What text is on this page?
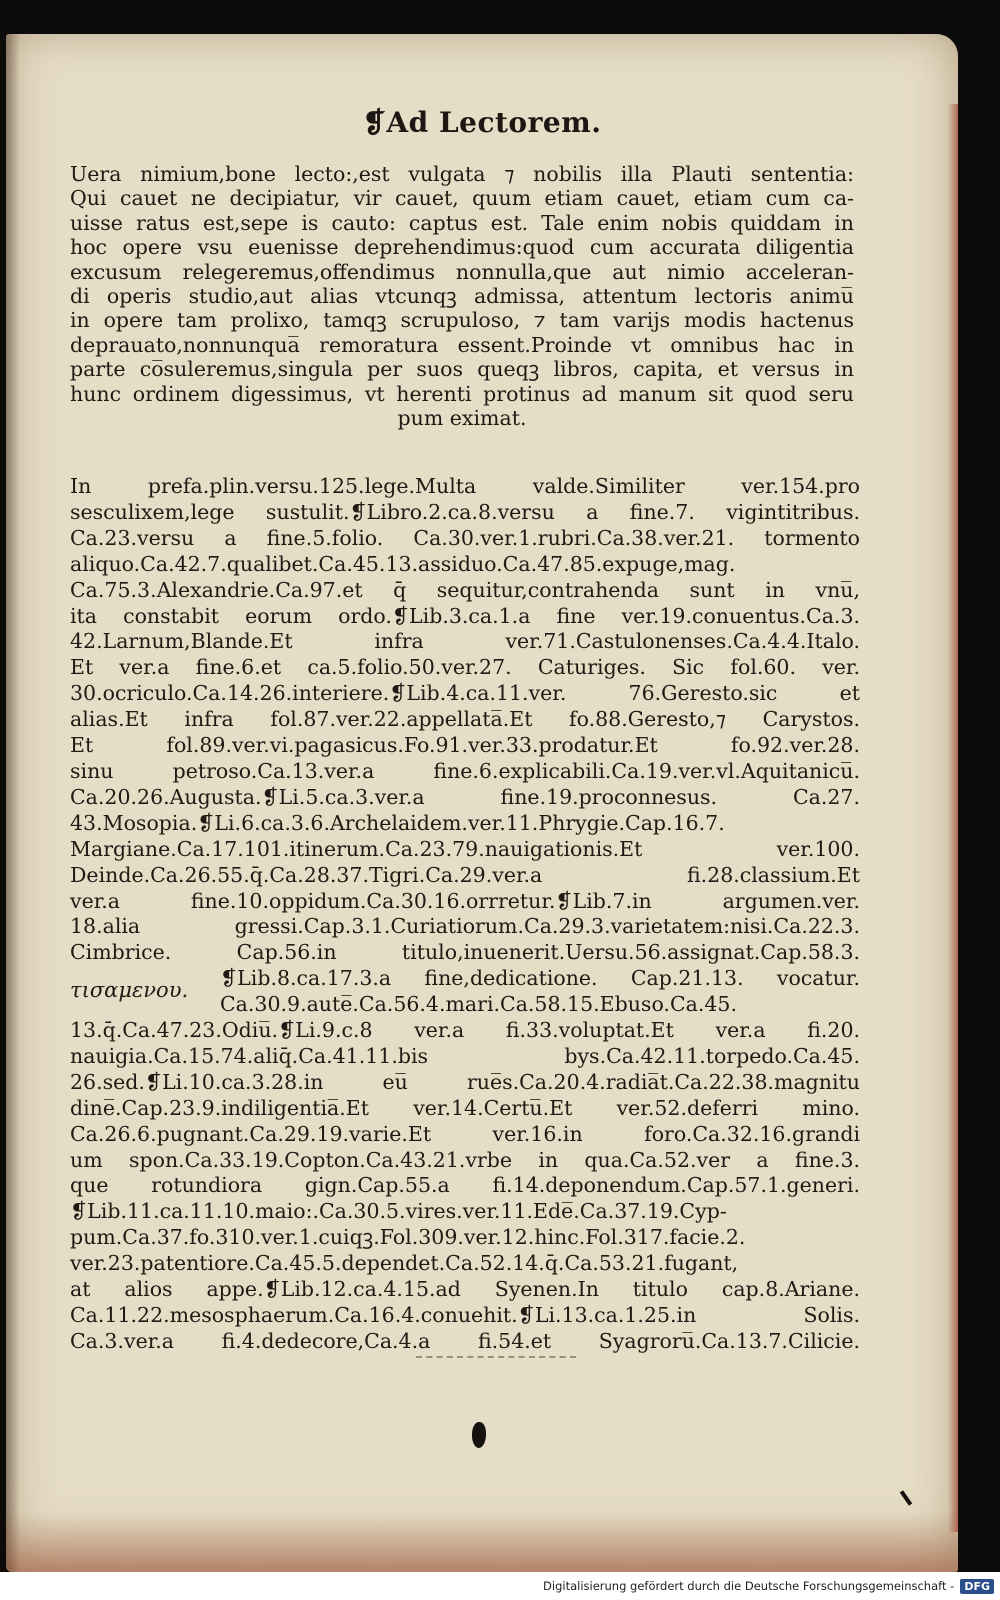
❡Ad Lectorem.
Uera nimium,bone lecto:,est vulgata ⁊ nobilis illa Plauti sententia:
Qui cauet ne decipiatur, vir cauet, quum etiam cauet, etiam cum ca-
uisse ratus est,sepe is cauto: captus est. Tale enim nobis quiddam in
hoc opere vsu euenisse deprehendimus:quod cum accurata diligentia
excusum relegeremus,offendimus nonnulla,que aut nimio acceleran-
di operis studio,aut alias vtcunqꝫ admissa, attentum lectoris animu̅
in opere tam prolixo, tamqꝫ scrupuloso, ⁊ tam varijs modis hactenus
deprauato,nonnunqua̅ remoratura essent.Proinde vt omnibus hac in
parte co̅suleremus,singula per suos queqꝫ libros, capita, et versus in
hunc ordinem digessimus, vt herenti protinus ad manum sit quod seru
pum eximat.
In prefa.plin.versu.125.lege.Multa valde.Similiter ver.154.pro
sesculixem,lege sustulit.❡Libro.2.ca.8.versu a fine.7. vigintitribus.
Ca.23.versu a fine.5.folio. Ca.30.ver.1.rubri.Ca.38.ver.21. tormento
aliquo.Ca.42.7.qualibet.Ca.45.13.assiduo.Ca.47.85.expuge,mag.
Ca.75.3.Alexandrie.Ca.97.et q̄ sequitur,contrahenda sunt in vnu̅,
ita constabit eorum ordo.❡Lib.3.ca.1.a fine ver.19.conuentus.Ca.3.
42.Larnum,Blande.Et infra ver.71.Castulonenses.Ca.4.4.Italo.
Et ver.a fine.6.et ca.5.folio.50.ver.27. Caturiges. Sic fol.60. ver.
30.ocriculo.Ca.14.26.interiere.❡Lib.4.ca.11.ver. 76.Geresto.sic et
alias.Et infra fol.87.ver.22.appellata̅.Et fo.88.Geresto,⁊ Carystos.
Et fol.89.ver.vi.pagasicus.Fo.91.ver.33.prodatur.Et fo.92.ver.28.
sinu petroso.Ca.13.ver.a fine.6.explicabili.Ca.19.ver.vl.Aquitanicu̅.
Ca.20.26.Augusta.❡Li.5.ca.3.ver.a fine.19.proconnesus. Ca.27.
43.Mosopia.❡Li.6.ca.3.6.Archelaidem.ver.11.Phrygie.Cap.16.7.
Margiane.Ca.17.101.itinerum.Ca.23.79.nauigationis.Et ver.100.
Deinde.Ca.26.55.q̄.Ca.28.37.Tigri.Ca.29.ver.a fi.28.classium.Et
ver.a fine.10.oppidum.Ca.30.16.orrretur.❡Lib.7.in argumen.ver.
18.alia gressi.Cap.3.1.Curiatiorum.Ca.29.3.varietatem:nisi.Ca.22.3.
Cimbrice. Cap.56.in titulo,inuenerit.Uersu.56.assignat.Cap.58.3.
τισαμενου.	❡Lib.8.ca.17.3.a fine,dedicatione. Cap.21.13. vocatur.
Ca.30.9.aute̅.Ca.56.4.mari.Ca.58.15.Ebuso.Ca.45.
13.q̄.Ca.47.23.Odiu̅.❡Li.9.c.8 ver.a fi.33.voluptat.Et ver.a fi.20.
nauigia.Ca.15.74.aliq̄.Ca.41.11.bis bys.Ca.42.11.torpedo.Ca.45.
26.sed.❡Li.10.ca.3.28.in eu̅ rue̅s.Ca.20.4.radia̅t.Ca.22.38.magnitu
dine̅.Cap.23.9.indiligentia̅.Et ver.14.Certu̅.Et ver.52.deferri mino.
Ca.26.6.pugnant.Ca.29.19.varie.Et ver.16.in foro.Ca.32.16.grandi
um spon.Ca.33.19.Copton.Ca.43.21.vrbe in qua.Ca.52.ver a fine.3.
que rotundiora gign.Cap.55.a fi.14.deponendum.Cap.57.1.generi.
❡Lib.11.ca.11.10.maio:.Ca.30.5.vires.ver.11.Ede̅.Ca.37.19.Cyp-
pum.Ca.37.fo.310.ver.1.cuiqꝫ.Fol.309.ver.12.hinc.Fol.317.facie.2.
ver.23.patentiore.Ca.45.5.dependet.Ca.52.14.q̄.Ca.53.21.fugant,
at alios appe.❡Lib.12.ca.4.15.ad Syenen.In titulo cap.8.Ariane.
Ca.11.22.mesosphaerum.Ca.16.4.conuehit.❡Li.13.ca.1.25.in Solis.
Ca.3.ver.a fi.4.dedecore,Ca.4.a fi.54.et Syagroru̅.Ca.13.7.Cilicie.
Digitalisierung gefördert durch die Deutsche Forschungsgemeinschaft - DFG
